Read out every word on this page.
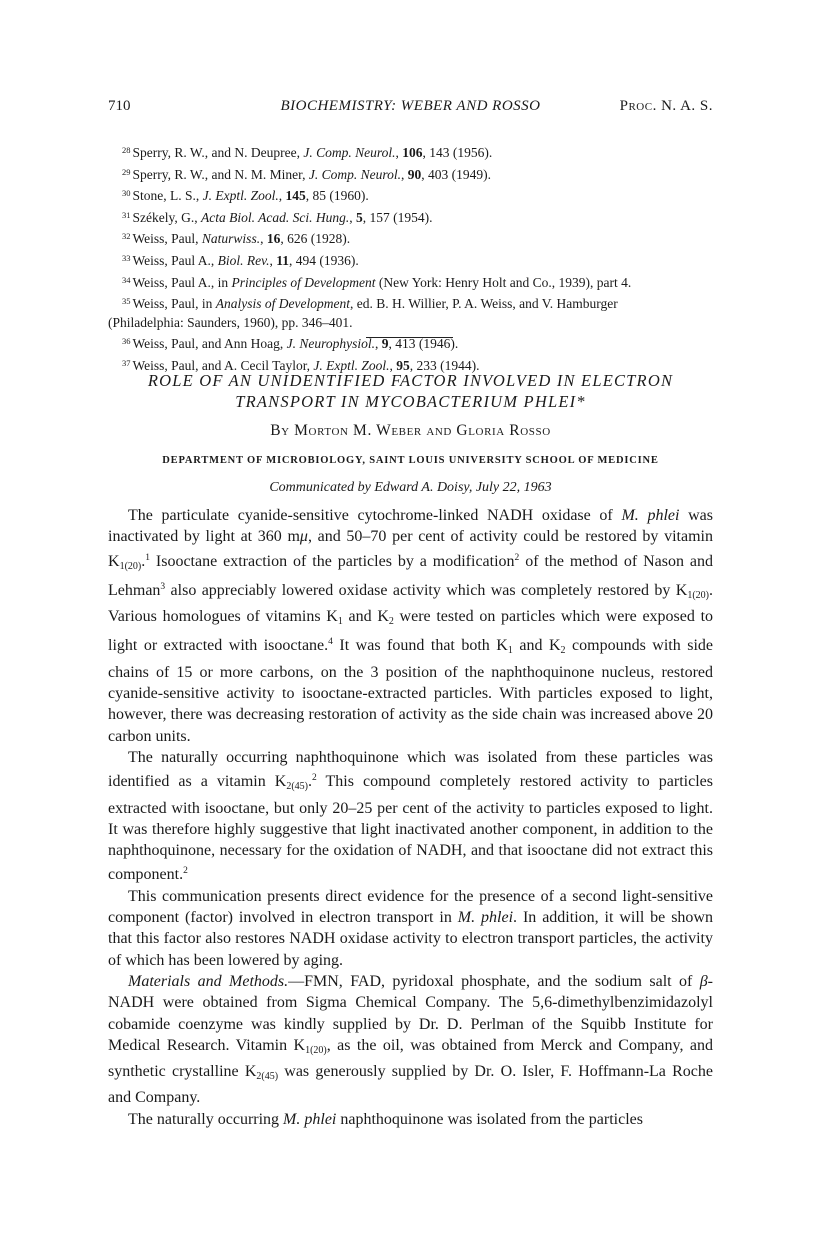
710	BIOCHEMISTRY: WEBER AND ROSSO	Proc. N. A. S.
$^{28}$ Sperry, R. W., and N. Deupree, J. Comp. Neurol., 106, 143 (1956).
$^{29}$ Sperry, R. W., and N. M. Miner, J. Comp. Neurol., 90, 403 (1949).
$^{30}$ Stone, L. S., J. Exptl. Zool., 145, 85 (1960).
$^{31}$ Székely, G., Acta Biol. Acad. Sci. Hung., 5, 157 (1954).
$^{32}$ Weiss, Paul, Naturwiss., 16, 626 (1928).
$^{33}$ Weiss, Paul A., Biol. Rev., 11, 494 (1936).
$^{34}$ Weiss, Paul A., in Principles of Development (New York: Henry Holt and Co., 1939), part 4.
$^{35}$ Weiss, Paul, in Analysis of Development, ed. B. H. Willier, P. A. Weiss, and V. Hamburger
(Philadelphia: Saunders, 1960), pp. 346–401.
$^{36}$ Weiss, Paul, and Ann Hoag, J. Neurophysiol., 9, 413 (1946).
$^{37}$ Weiss, Paul, and A. Cecil Taylor, J. Exptl. Zool., 95, 233 (1944).
ROLE OF AN UNIDENTIFIED FACTOR INVOLVED IN ELECTRON
TRANSPORT IN MYCOBACTERIUM PHLEI*
By Morton M. Weber and Gloria Rosso
DEPARTMENT OF MICROBIOLOGY, SAINT LOUIS UNIVERSITY SCHOOL OF MEDICINE
Communicated by Edward A. Doisy, July 22, 1963

The particulate cyanide-sensitive cytochrome-linked NADH oxidase of M. phlei was inactivated by light at 360 mμ, and 50–70 per cent of activity could be restored by vitamin $K_{1(20)}.^1$ Isooctane extraction of the particles by a modification$^2$ of the method of Nason and Lehman$^3$ also appreciably lowered oxidase activity which was completely restored by $K_{1(20)}$. Various homologues of vitamins $K_1$ and $K_2$ were tested on particles which were exposed to light or extracted with isooctane.$^4$ It was found that both $K_1$ and $K_2$ compounds with side chains of 15 or more carbons, on the 3 position of the naphthoquinone nucleus, restored cyanide-sensitive activity to isooctane-extracted particles. With particles exposed to light, however, there was decreasing restoration of activity as the side chain was increased above 20 carbon units.

The naturally occurring naphthoquinone which was isolated from these particles was identified as a vitamin $K_{2(45)}.^2$ This compound completely restored activity to particles extracted with isooctane, but only 20–25 per cent of the activity to particles exposed to light. It was therefore highly suggestive that light inactivated another component, in addition to the naphthoquinone, necessary for the oxidation of NADH, and that isooctane did not extract this component.$^2$

This communication presents direct evidence for the presence of a second light-sensitive component (factor) involved in electron transport in M. phlei. In addition, it will be shown that this factor also restores NADH oxidase activity to electron transport particles, the activity of which has been lowered by aging.

Materials and Methods.—FMN, FAD, pyridoxal phosphate, and the sodium salt of β-NADH were obtained from Sigma Chemical Company. The 5,6-dimethylbenzimidazolyl cobamide coenzyme was kindly supplied by Dr. D. Perlman of the Squibb Institute for Medical Research. Vitamin $K_{1(20)}$, as the oil, was obtained from Merck and Company, and synthetic crystalline $K_{2(45)}$ was generously supplied by Dr. O. Isler, F. Hoffmann-La Roche and Company.

The naturally occurring M. phlei naphthoquinone was isolated from the particles
